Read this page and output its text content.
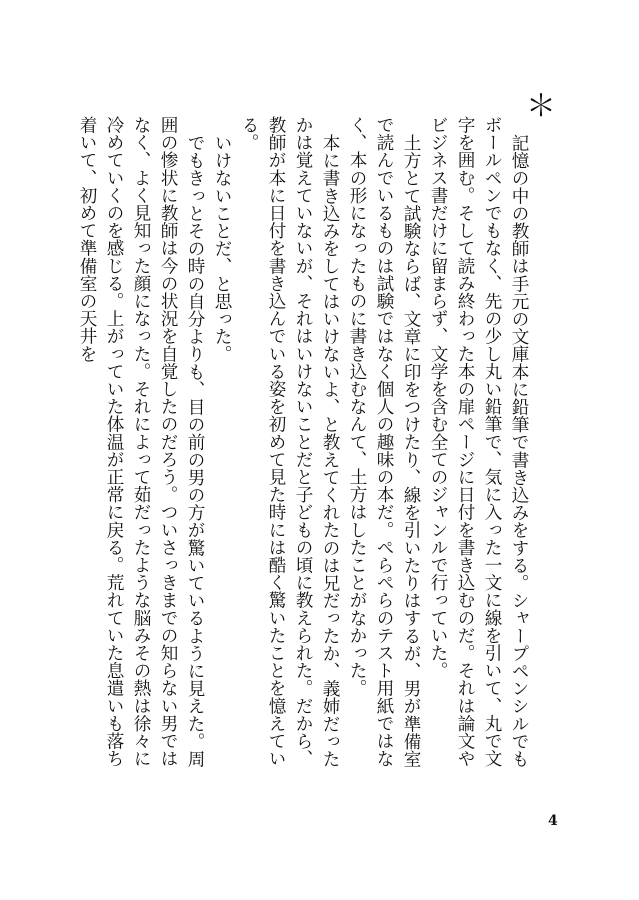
＊

記憶の中の教師は手元の文庫本に鉛筆で書き込みをする。シャープペンシルでもボールペンでもなく、先の少し丸い鉛筆で、気に入った一文に線を引いて、丸で文字を囲む。そして読み終わった本の扉ページに日付を書き込むのだ。それは論文やビジネス書だけに留まらず、文学を含む全てのジャンルで行っていた。

土方とて試験ならば、文章に印をつけたり、線を引いたりはするが、男が準備室で読んでいるものは試験ではなく個人の趣味の本だ。ぺらぺらのテスト用紙ではなく、本の形になったものに書き込むなんて、土方はしたことがなかった。

本に書き込みをしてはいけないよ、と教えてくれたのは兄だったか、義姉だったかは覚えていないが、それはいけないことだと子どもの頃に教えられた。だから、教師が本に日付を書き込んでいる姿を初めて見た時には酷く驚いたことを憶えている。

いけないことだ、と思った。

でもきっとその時の自分よりも、目の前の男の方が驚いているように見えた。周囲の惨状に教師は今の状況を自覚したのだろう。ついさっきまでの知らない男ではなく、よく見知った顔になった。それによって茹だったような脳みその熱は徐々に冷めていくのを感じる。上がっていた体温が正常に戻る。荒れていた息遣いも落ち着いて、初めて準備室の天井を

4
